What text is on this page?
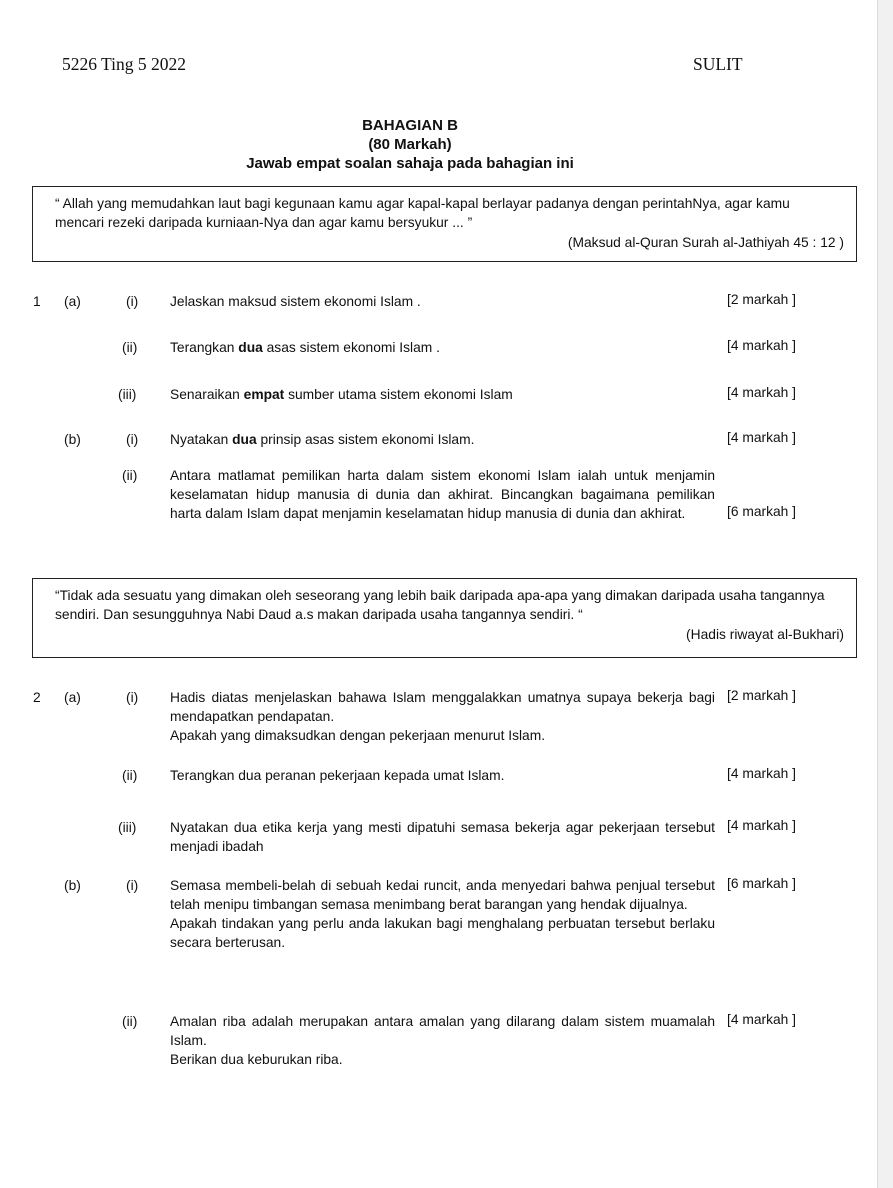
5226 Ting 5 2022	SULIT
BAHAGIAN B
(80 Markah)
Jawab empat soalan sahaja pada bahagian ini
“ Allah yang memudahkan laut bagi kegunaan kamu agar kapal-kapal berlayar padanya dengan perintahNya, agar kamu mencari rezeki daripada kurniaan-Nya dan agar kamu bersyukur ... ”
(Maksud al-Quran Surah al-Jathiyah 45 : 12 )
1 (a)	(i) Jelaskan maksud sistem ekonomi Islam .	[2 markah ]
(ii) Terangkan dua asas sistem ekonomi Islam .	[4 markah ]
(iii) Senaraikan empat sumber utama sistem ekonomi Islam	[4 markah ]
(b)	(i) Nyatakan dua prinsip asas sistem ekonomi Islam.	[4 markah ]
(ii) Antara matlamat pemilikan harta dalam sistem ekonomi Islam ialah untuk menjamin keselamatan hidup manusia di dunia dan akhirat. Bincangkan bagaimana pemilikan harta dalam Islam dapat menjamin keselamatan hidup manusia di dunia dan akhirat.	[6 markah ]
“Tidak ada sesuatu yang dimakan oleh seseorang yang lebih baik daripada apa-apa yang dimakan daripada usaha tangannya sendiri. Dan sesungguhnya Nabi Daud a.s makan daripada usaha tangannya sendiri. “
(Hadis riwayat al-Bukhari)
2 (a)	(i) Hadis diatas menjelaskan bahawa Islam menggalakkan umatnya supaya bekerja bagi mendapatkan pendapatan.
Apakah yang dimaksudkan dengan pekerjaan menurut Islam.
[2 markah ]
(ii) Terangkan dua peranan pekerjaan kepada umat Islam.	[4 markah ]
(iii) Nyatakan dua etika kerja yang mesti dipatuhi semasa bekerja agar pekerjaan tersebut menjadi ibadah
[4 markah ]
(b)	(i) Semasa membeli-belah di sebuah kedai runcit, anda menyedari bahwa penjual tersebut telah menipu timbangan semasa menimbang berat barangan yang hendak dijualnya.
Apakah tindakan yang perlu anda lakukan bagi menghalang perbuatan tersebut berlaku secara berterusan.
[6 markah ]
(ii) Amalan riba adalah merupakan antara amalan yang dilarang dalam sistem muamalah Islam.
Berikan dua keburukan riba.
[4 markah ]
